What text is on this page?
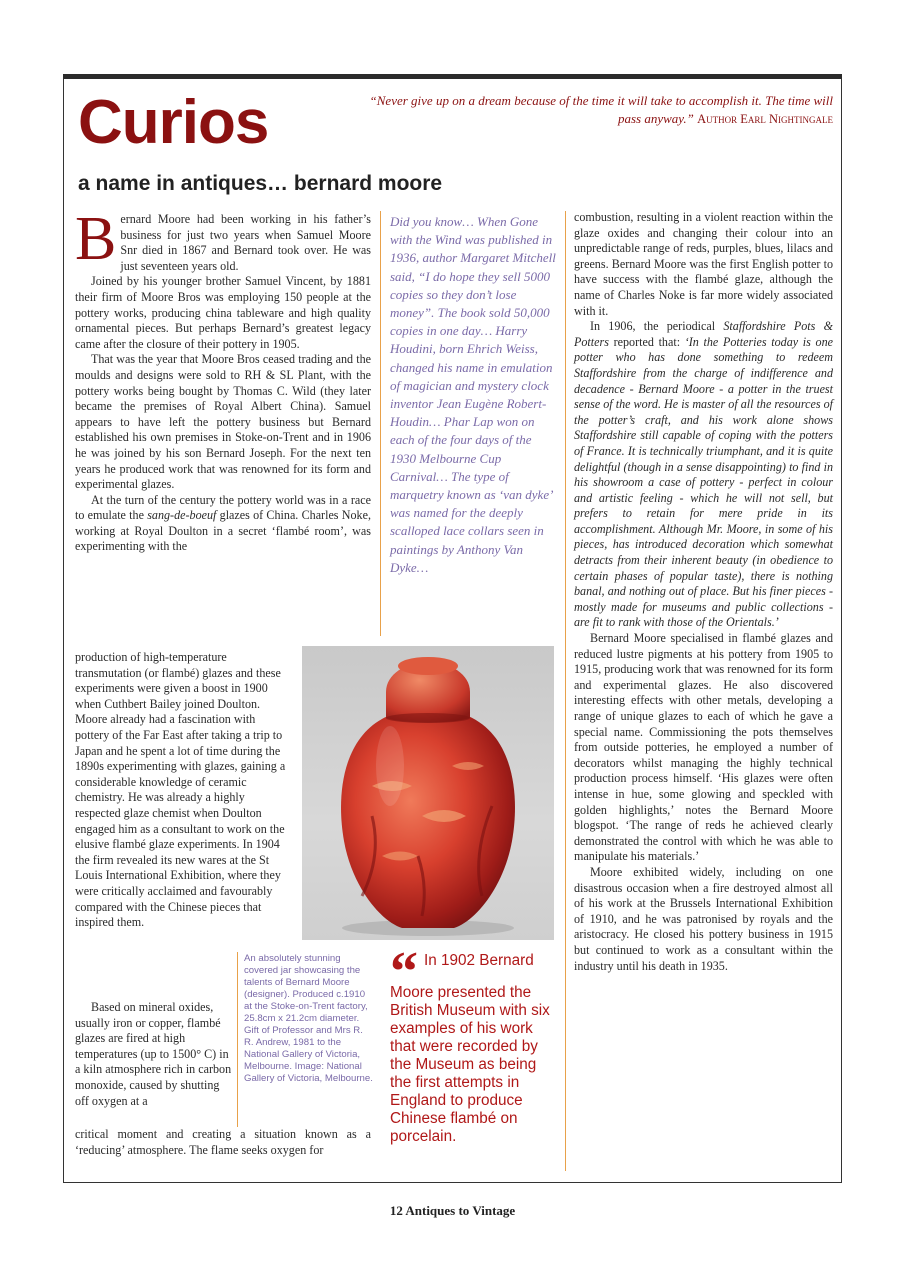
Curios	“Never give up on a dream because of the time it will take to accomplish it. The time will pass anyway.” Author Earl Nightingale
a name in antiques… bernard moore

Bernard Moore had been working in his father’s business for just two years when Samuel Moore Snr died in 1867 and Bernard took over. He was just seventeen years old.

Joined by his younger brother Samuel Vincent, by 1881 their firm of Moore Bros was employing 150 people at the pottery works, producing china tableware and high quality ornamental pieces. But perhaps Bernard’s greatest legacy came after the closure of their pottery in 1905.

That was the year that Moore Bros ceased trading and the moulds and designs were sold to RH & SL Plant, with the pottery works being bought by Thomas C. Wild (they later became the premises of Royal Albert China). Samuel appears to have left the pottery business but Bernard established his own premises in Stoke-on-Trent and in 1906 he was joined by his son Bernard Joseph. For the next ten years he produced work that was renowned for its form and experimental glazes.

At the turn of the century the pottery world was in a race to emulate the sang-de-boeuf glazes of China. Charles Noke, working at Royal Doulton in a secret ‘flambé room’, was experimenting with the

production of high-temperature transmutation (or flambé) glazes and these experiments were given a boost in 1900 when Cuthbert Bailey joined Doulton. Moore already had a fascination with pottery of the Far East after taking a trip to Japan and he spent a lot of time during the 1890s experimenting with glazes, gaining a considerable knowledge of ceramic chemistry. He was already a highly respected glaze chemist when Doulton engaged him as a consultant to work on the elusive flambé glaze experiments. In 1904 the firm revealed its new wares at the St Louis International Exhibition, where they were critically acclaimed and favourably compared with the Chinese pieces that inspired them.

Based on mineral oxides, usually iron or copper, flambé glazes are fired at high temperatures (up to 1500° C) in a kiln atmosphere rich in carbon monoxide, caused by shutting off oxygen at a

critical moment and creating a situation known as a ‘reducing’ atmosphere. The flame seeks oxygen for

Did you know… When Gone with the Wind was published in 1936, author Margaret Mitchell said, “I do hope they sell 5000 copies so they don’t lose money”. The book sold 50,000 copies in one day… Harry Houdini, born Ehrich Weiss, changed his name in emulation of magician and mystery clock inventor Jean Eugène Robert-Houdin… Phar Lap won on each of the four days of the 1930 Melbourne Cup Carnival… The type of marquetry known as ‘van dyke’ was named for the deeply scalloped lace collars seen in paintings by Anthony Van Dyke…
An absolutely stunning covered jar showcasing the talents of Bernard Moore (designer). Produced c.1910 at the Stoke-on-Trent factory, 25.8cm x 21.2cm diameter. Gift of Professor and Mrs R. R. Andrew, 1981 to the National Gallery of Victoria, Melbourne. Image: National Gallery of Victoria, Melbourne.
“ In 1902 Bernard Moore presented the British Museum with six examples of his work that were recorded by the Museum as being the first attempts in England to produce Chinese flambé on porcelain.

combustion, resulting in a violent reaction within the glaze oxides and changing their colour into an unpredictable range of reds, purples, blues, lilacs and greens. Bernard Moore was the first English potter to have success with the flambé glaze, although the name of Charles Noke is far more widely associated with it.

In 1906, the periodical Staffordshire Pots & Potters reported that: ‘In the Potteries today is one potter who has done something to redeem Staffordshire from the charge of indifference and decadence - Bernard Moore - a potter in the truest sense of the word. He is master of all the resources of the potter’s craft, and his work alone shows Staffordshire still capable of coping with the potters of France. It is technically triumphant, and it is quite delightful (though in a sense disappointing) to find in his showroom a case of pottery - perfect in colour and artistic feeling - which he will not sell, but prefers to retain for mere pride in its accomplishment. Although Mr. Moore, in some of his pieces, has introduced decoration which somewhat detracts from their inherent beauty (in obedience to certain phases of popular taste), there is nothing banal, and nothing out of place. But his finer pieces - mostly made for museums and public collections - are fit to rank with those of the Orientals.’

Bernard Moore specialised in flambé glazes and reduced lustre pigments at his pottery from 1905 to 1915, producing work that was renowned for its form and experimental glazes. He also discovered interesting effects with other metals, developing a range of unique glazes to each of which he gave a special name. Commissioning the pots themselves from outside potteries, he employed a number of decorators whilst managing the highly technical production process himself. ‘His glazes were often intense in hue, some glowing and speckled with golden highlights,’ notes the Bernard Moore blogspot. ‘The range of reds he achieved clearly demonstrated the control with which he was able to manipulate his materials.’

Moore exhibited widely, including on one disastrous occasion when a fire destroyed almost all of his work at the Brussels International Exhibition of 1910, and he was patronised by royals and the aristocracy. He closed his pottery business in 1915 but continued to work as a consultant within the industry until his death in 1935.

12 Antiques to Vintage
